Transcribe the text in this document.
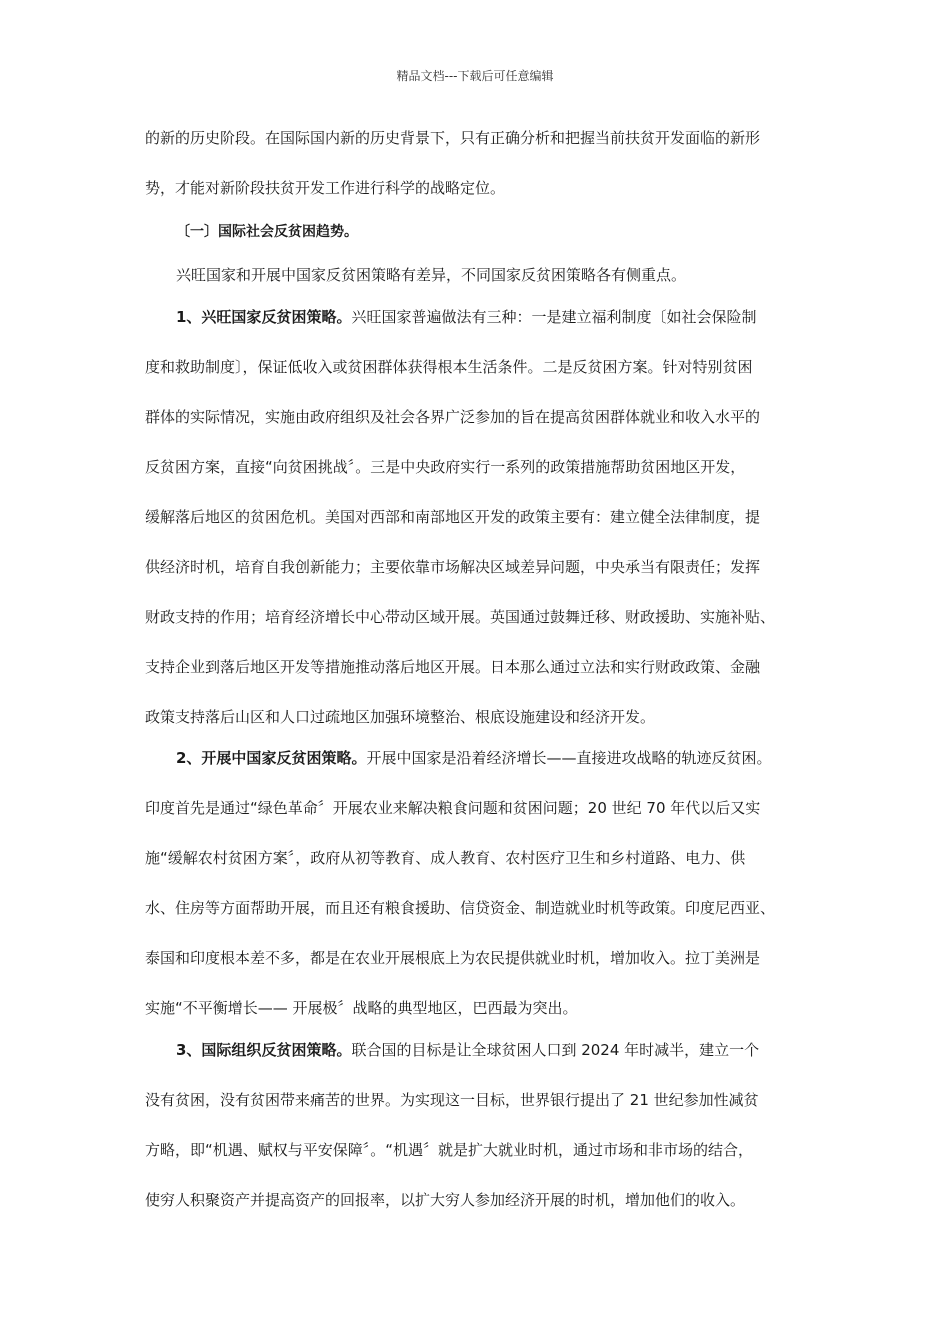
精品文档---下载后可任意编辑
的新的历史阶段。在国际国内新的历史背景下，只有正确分析和把握当前扶贫开发面临的新形
势，才能对新阶段扶贫开发工作进行科学的战略定位。
〔一〕国际社会反贫困趋势。
兴旺国家和开展中国家反贫困策略有差异，不同国家反贫困策略各有侧重点。
1、兴旺国家反贫困策略。兴旺国家普遍做法有三种：一是建立福利制度〔如社会保险制
度和救助制度〕，保证低收入或贫困群体获得根本生活条件。二是反贫困方案。针对特别贫困
群体的实际情况，实施由政府组织及社会各界广泛参加的旨在提高贫困群体就业和收入水平的
反贫困方案，直接“向贫困挑战〞。三是中央政府实行一系列的政策措施帮助贫困地区开发，
缓解落后地区的贫困危机。美国对西部和南部地区开发的政策主要有：建立健全法律制度，提
供经济时机，培育自我创新能力；主要依靠市场解决区域差异问题，中央承当有限责任；发挥
财政支持的作用；培育经济增长中心带动区域开展。英国通过鼓舞迁移、财政援助、实施补贴、
支持企业到落后地区开发等措施推动落后地区开展。日本那么通过立法和实行财政政策、金融
政策支持落后山区和人口过疏地区加强环境整治、根底设施建设和经济开发。
2、开展中国家反贫困策略。开展中国家是沿着经济增长——直接进攻战略的轨迹反贫困。
印度首先是通过“绿色革命〞开展农业来解决粮食问题和贫困问题；20 世纪 70 年代以后又实
施“缓解农村贫困方案〞，政府从初等教育、成人教育、农村医疗卫生和乡村道路、电力、供
水、住房等方面帮助开展，而且还有粮食援助、信贷资金、制造就业时机等政策。印度尼西亚、
泰国和印度根本差不多，都是在农业开展根底上为农民提供就业时机，增加收入。拉丁美洲是
实施“不平衡增长—— 开展极〞战略的典型地区，巴西最为突出。
3、国际组织反贫困策略。联合国的目标是让全球贫困人口到 2024 年时减半，建立一个
没有贫困，没有贫困带来痛苦的世界。为实现这一目标，世界银行提出了 21 世纪参加性减贫
方略，即“机遇、赋权与平安保障〞。“机遇〞就是扩大就业时机，通过市场和非市场的结合，
使穷人积聚资产并提高资产的回报率，以扩大穷人参加经济开展的时机，增加他们的收入。
